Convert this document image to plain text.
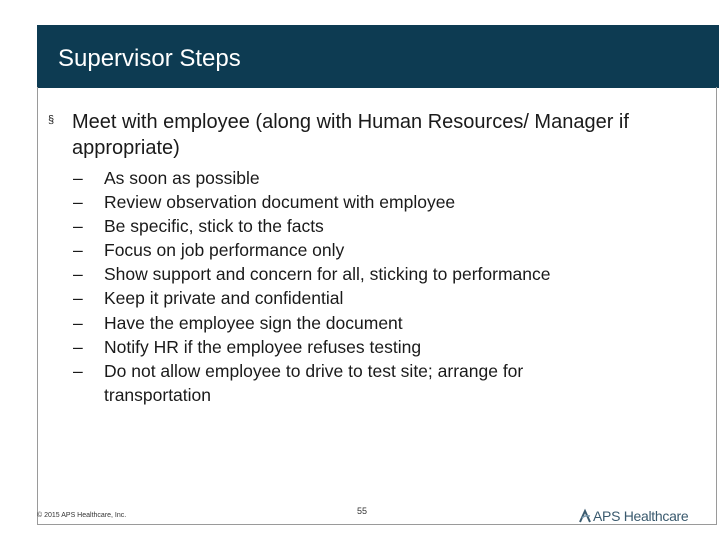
Supervisor Steps
§ Meet with employee (along with Human Resources/ Manager if appropriate)
– As soon as possible
– Review observation document with employee
– Be specific, stick to the facts
– Focus on job performance only
– Show support and concern for all, sticking to performance
– Keep it private and confidential
– Have the employee sign the document
– Notify HR if the employee refuses testing
– Do not allow employee to drive to test site; arrange for transportation
© 2015 APS Healthcare, Inc.	55	APS Healthcare
